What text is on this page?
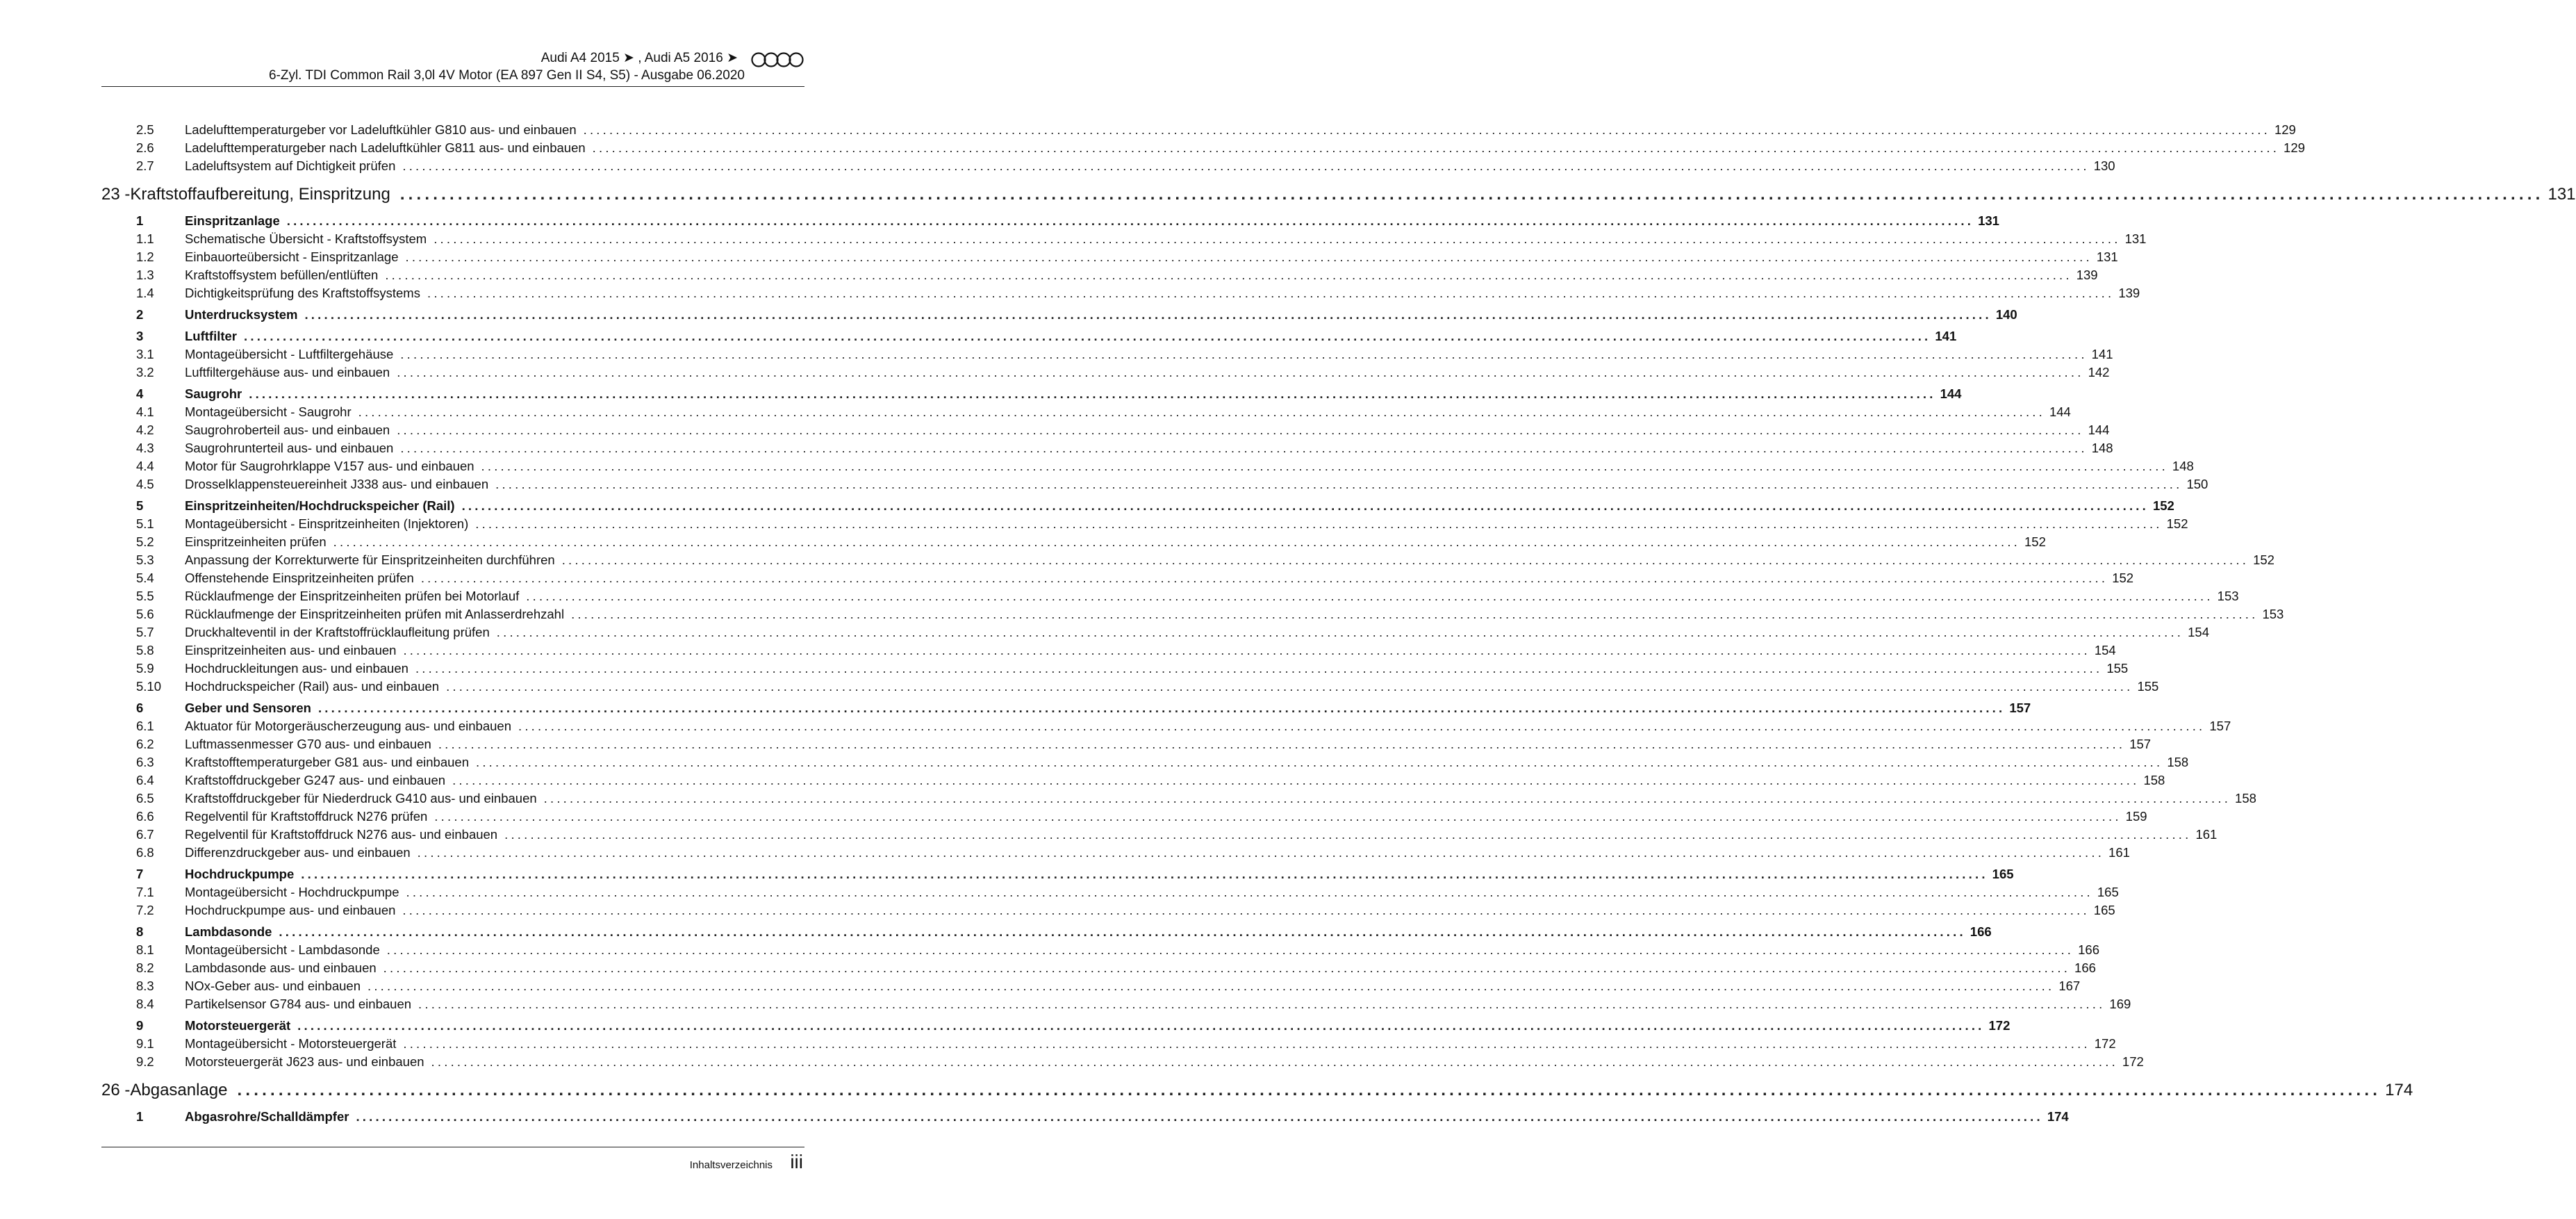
Audi A4 2015 ➤ , Audi A5 2016 ➤
6-Zyl. TDI Common Rail 3,0l 4V Motor (EA 897 Gen II S4, S5) - Ausgabe 06.2020
2.5	Ladelufttemperaturgeber vor Ladeluftkühler G810 aus- und einbauen .................................................................................................................................................................................................................................................................... 129
2.6	Ladelufttemperaturgeber nach Ladeluftkühler G811 aus- und einbauen .................................................................................................................................................................................................................................................................... 129
2.7	Ladeluftsystem auf Dichtigkeit prüfen .................................................................................................................................................................................................................................................................... 130
23 - Kraftstoffaufbereitung, Einspritzung .................................................................................................................................................................................................................................................................... 131
1	Einspritzanlage .................................................................................................................................................................................................................................................................... 131
1.1	Schematische Übersicht - Kraftstoffsystem .................................................................................................................................................................................................................................................................... 131
1.2	Einbauorteübersicht - Einspritzanlage .................................................................................................................................................................................................................................................................... 131
1.3	Kraftstoffsystem befüllen/entlüften .................................................................................................................................................................................................................................................................... 139
1.4	Dichtigkeitsprüfung des Kraftstoffsystems .................................................................................................................................................................................................................................................................... 139
2	Unterdrucksystem .................................................................................................................................................................................................................................................................... 140
3	Luftfilter .................................................................................................................................................................................................................................................................... 141
3.1	Montageübersicht - Luftfiltergehäuse .................................................................................................................................................................................................................................................................... 141
3.2	Luftfiltergehäuse aus- und einbauen .................................................................................................................................................................................................................................................................... 142
4	Saugrohr .................................................................................................................................................................................................................................................................... 144
4.1	Montageübersicht - Saugrohr .................................................................................................................................................................................................................................................................... 144
4.2	Saugrohroberteil aus- und einbauen .................................................................................................................................................................................................................................................................... 144
4.3	Saugrohrunterteil aus- und einbauen .................................................................................................................................................................................................................................................................... 148
4.4	Motor für Saugrohrklappe V157 aus- und einbauen .................................................................................................................................................................................................................................................................... 148
4.5	Drosselklappensteuereinheit J338 aus- und einbauen .................................................................................................................................................................................................................................................................... 150
5	Einspritzeinheiten/Hochdruckspeicher (Rail) .................................................................................................................................................................................................................................................................... 152
5.1	Montageübersicht - Einspritzeinheiten (Injektoren) .................................................................................................................................................................................................................................................................... 152
5.2	Einspritzeinheiten prüfen .................................................................................................................................................................................................................................................................... 152
5.3	Anpassung der Korrekturwerte für Einspritzeinheiten durchführen .................................................................................................................................................................................................................................................................... 152
5.4	Offenstehende Einspritzeinheiten prüfen .................................................................................................................................................................................................................................................................... 152
5.5	Rücklaufmenge der Einspritzeinheiten prüfen bei Motorlauf .................................................................................................................................................................................................................................................................... 153
5.6	Rücklaufmenge der Einspritzeinheiten prüfen mit Anlasserdrehzahl .................................................................................................................................................................................................................................................................... 153
5.7	Druckhalteventil in der Kraftstoffrücklaufleitung prüfen .................................................................................................................................................................................................................................................................... 154
5.8	Einspritzeinheiten aus- und einbauen .................................................................................................................................................................................................................................................................... 154
5.9	Hochdruckleitungen aus- und einbauen .................................................................................................................................................................................................................................................................... 155
5.10	Hochdruckspeicher (Rail) aus- und einbauen .................................................................................................................................................................................................................................................................... 155
6	Geber und Sensoren .................................................................................................................................................................................................................................................................... 157
6.1	Aktuator für Motorgeräuscherzeugung aus- und einbauen .................................................................................................................................................................................................................................................................... 157
6.2	Luftmassenmesser G70 aus- und einbauen .................................................................................................................................................................................................................................................................... 157
6.3	Kraftstofftemperaturgeber G81 aus- und einbauen .................................................................................................................................................................................................................................................................... 158
6.4	Kraftstoffdruckgeber G247 aus- und einbauen .................................................................................................................................................................................................................................................................... 158
6.5	Kraftstoffdruckgeber für Niederdruck G410 aus- und einbauen .................................................................................................................................................................................................................................................................... 158
6.6	Regelventil für Kraftstoffdruck N276 prüfen .................................................................................................................................................................................................................................................................... 159
6.7	Regelventil für Kraftstoffdruck N276 aus- und einbauen .................................................................................................................................................................................................................................................................... 161
6.8	Differenzdruckgeber aus- und einbauen .................................................................................................................................................................................................................................................................... 161
7	Hochdruckpumpe .................................................................................................................................................................................................................................................................... 165
7.1	Montageübersicht - Hochdruckpumpe .................................................................................................................................................................................................................................................................... 165
7.2	Hochdruckpumpe aus- und einbauen .................................................................................................................................................................................................................................................................... 165
8	Lambdasonde .................................................................................................................................................................................................................................................................... 166
8.1	Montageübersicht - Lambdasonde .................................................................................................................................................................................................................................................................... 166
8.2	Lambdasonde aus- und einbauen .................................................................................................................................................................................................................................................................... 166
8.3	NOx-Geber aus- und einbauen .................................................................................................................................................................................................................................................................... 167
8.4	Partikelsensor G784 aus- und einbauen .................................................................................................................................................................................................................................................................... 169
9	Motorsteuergerät .................................................................................................................................................................................................................................................................... 172
9.1	Montageübersicht - Motorsteuergerät .................................................................................................................................................................................................................................................................... 172
9.2	Motorsteuergerät J623 aus- und einbauen .................................................................................................................................................................................................................................................................... 172
26 - Abgasanlage .................................................................................................................................................................................................................................................................... 174
1	Abgasrohre/Schalldämpfer .................................................................................................................................................................................................................................................................... 174
Inhaltsverzeichnis iii
